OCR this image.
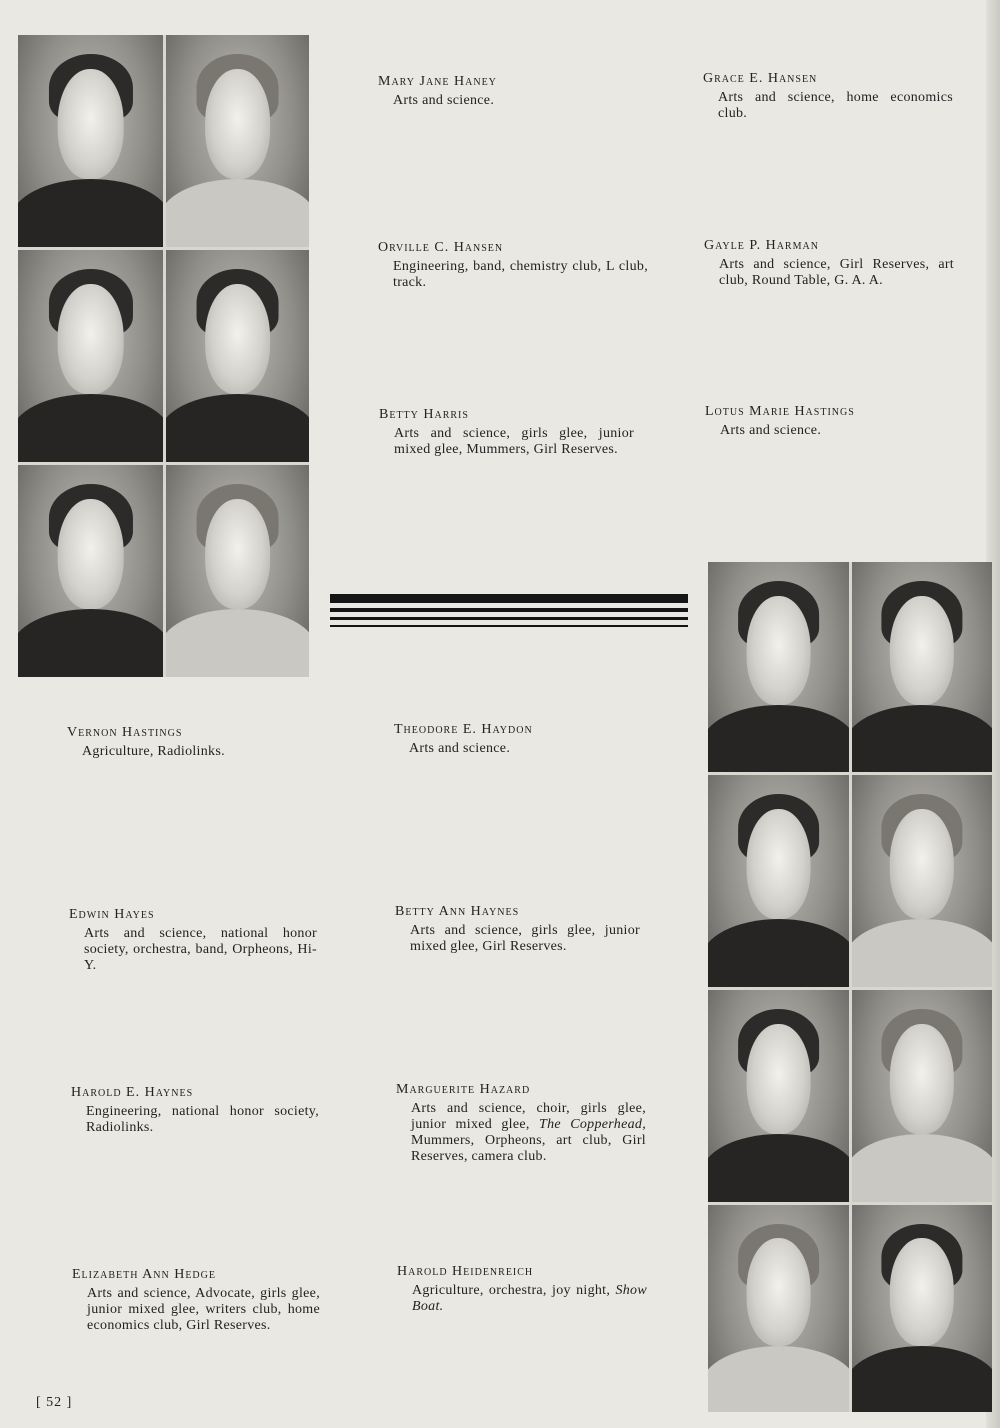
Mary Jane Haney

Arts and science.

Grace E. Hansen

Arts and science, home economics club.

Orville C. Hansen

Engineering, band, chemistry club, L club, track.

Gayle P. Harman

Arts and science, Girl Reserves, art club, Round Table, G. A. A.

Betty Harris

Arts and science, girls glee, junior mixed glee, Mummers, Girl Reserves.

Lotus Marie Hastings

Arts and science.

Vernon Hastings

Agriculture, Radiolinks.

Theodore E. Haydon

Arts and science.

Edwin Hayes

Arts and science, national honor society, orchestra, band, Orpheons, Hi-Y.

Betty Ann Haynes

Arts and science, girls glee, junior mixed glee, Girl Reserves.

Harold E. Haynes

Engineering, national honor society, Radiolinks.

Marguerite Hazard

Arts and science, choir, girls glee, junior mixed glee, The Copperhead, Mummers, Orpheons, art club, Girl Reserves, camera club.

Elizabeth Ann Hedge

Arts and science, Advocate, girls glee, junior mixed glee, writers club, home economics club, Girl Reserves.

Harold Heidenreich

Agriculture, orchestra, joy night, Show Boat.

[ 52 ]
